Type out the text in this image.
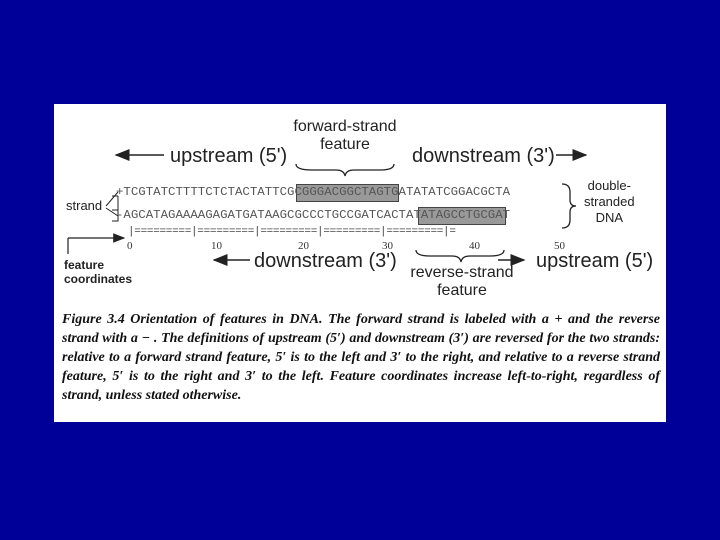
forward-strand
feature
upstream (5')	downstream (3')
+TCGTATCTTTTCTCTACTATTCGCGGGACGGCTAGTGATATATCGGACGCTA
-AGCATAGAAAAGAGATGATAAGCGCCCTGCCGATCACTATATAGCCTGCGAT
|=========|=========|=========|=========|=========|=
0	10	20	30	40	50
strand
double-
stranded
DNA
feature
coordinates
downstream (3')	upstream (5')
reverse-strand
feature
Figure 3.4 Orientation of features in DNA. The forward strand is labeled with a + and the reverse strand with a − . The definitions of upstream (5′) and downstream (3′) are reversed for the two strands: relative to a forward strand feature, 5′ is to the left and 3′ to the right, and relative to a reverse strand feature, 5′ is to the right and 3′ to the left. Feature coordinates increase left-to-right, regardless of strand, unless stated otherwise.
